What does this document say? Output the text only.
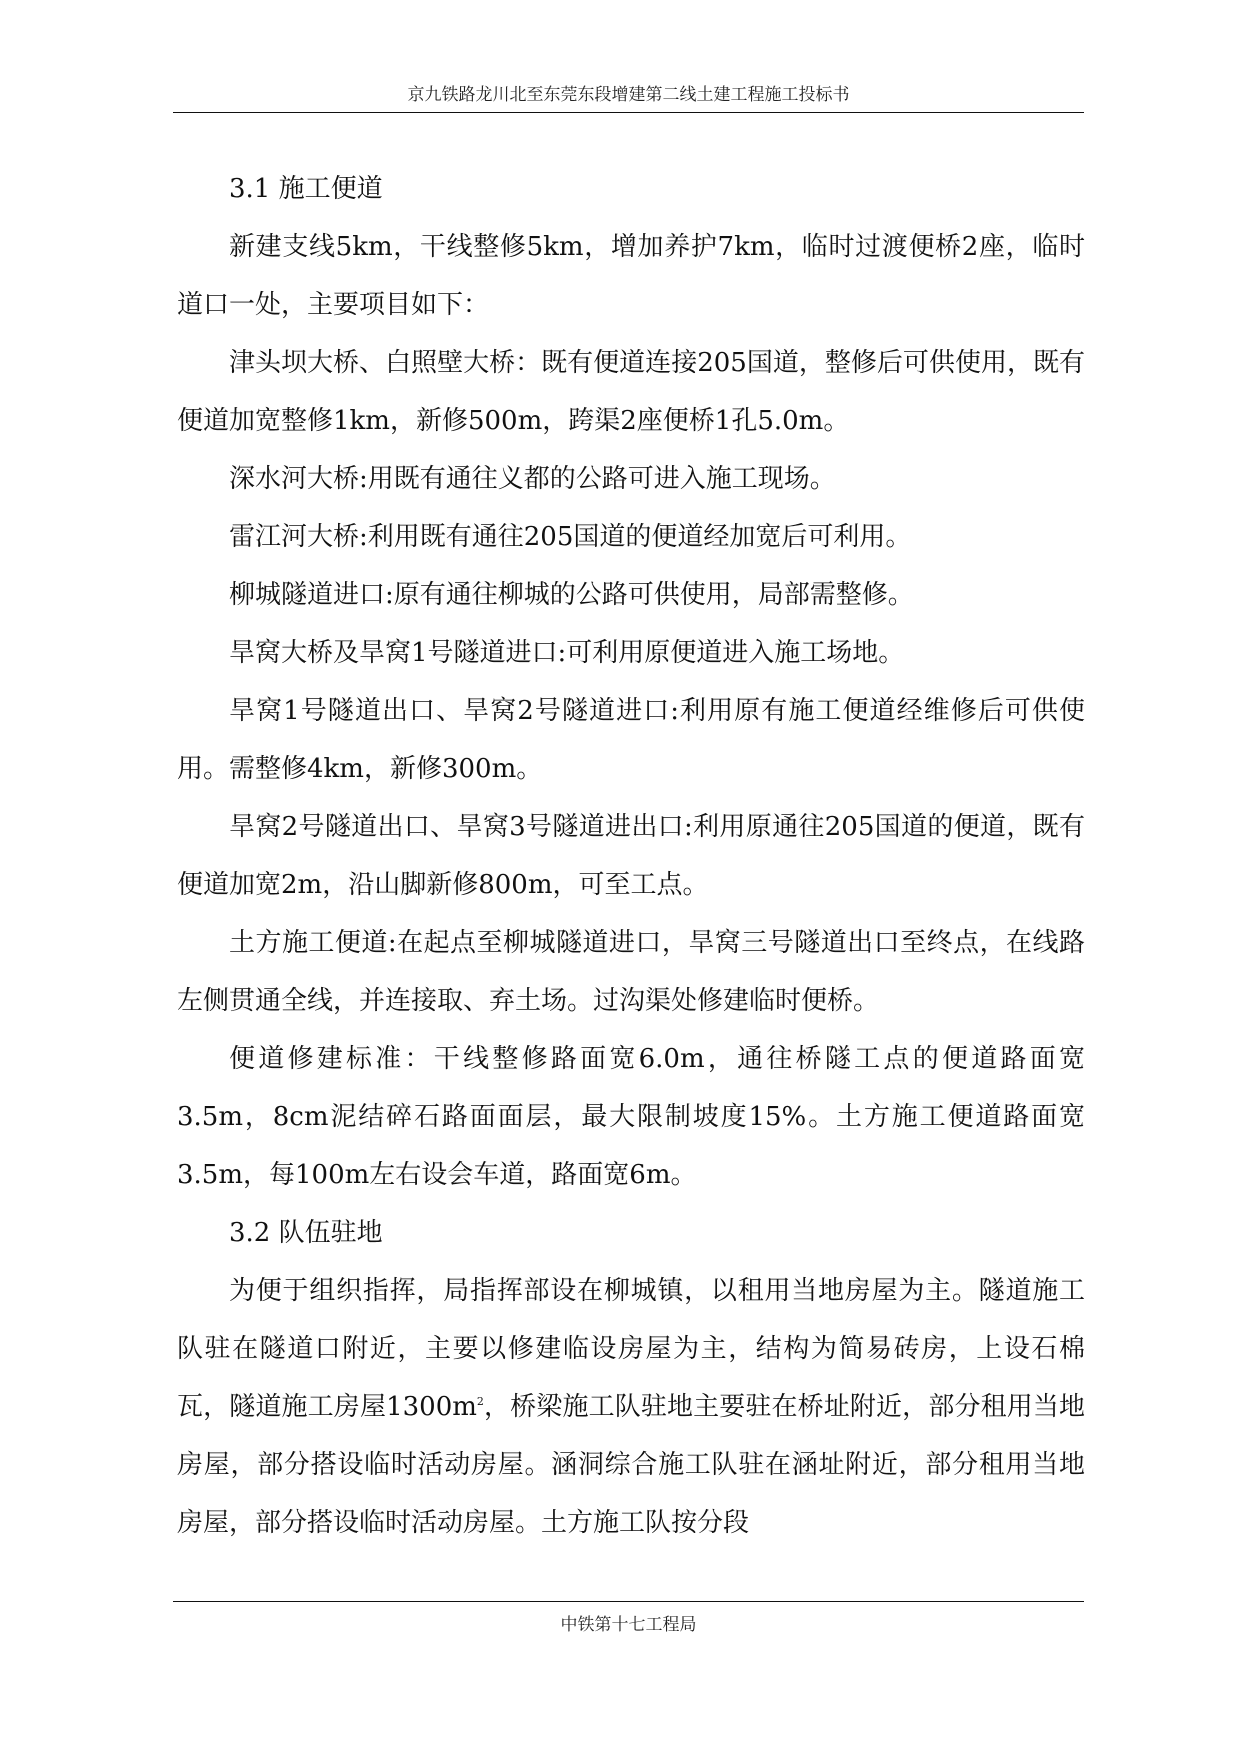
京九铁路龙川北至东莞东段增建第二线土建工程施工投标书

3.1 施工便道

新建支线5km，干线整修5km，增加养护7km，临时过渡便桥2座，临时道口一处，主要项目如下：

津头坝大桥、白照壁大桥：既有便道连接205国道，整修后可供使用，既有便道加宽整修1km，新修500m，跨渠2座便桥1孔5.0m。

深水河大桥:用既有通往义都的公路可进入施工现场。

雷江河大桥:利用既有通往205国道的便道经加宽后可利用。

柳城隧道进口:原有通往柳城的公路可供使用，局部需整修。

旱窝大桥及旱窝1号隧道进口:可利用原便道进入施工场地。

旱窝1号隧道出口、旱窝2号隧道进口:利用原有施工便道经维修后可供使用。需整修4km，新修300m。

旱窝2号隧道出口、旱窝3号隧道进出口:利用原通往205国道的便道，既有便道加宽2m，沿山脚新修800m，可至工点。

土方施工便道:在起点至柳城隧道进口，旱窝三号隧道出口至终点，在线路左侧贯通全线，并连接取、弃土场。过沟渠处修建临时便桥。

便道修建标准：干线整修路面宽6.0m，通往桥隧工点的便道路面宽3.5m，8cm泥结碎石路面面层，最大限制坡度15%。土方施工便道路面宽3.5m，每100m左右设会车道，路面宽6m。

3.2 队伍驻地

为便于组织指挥，局指挥部设在柳城镇，以租用当地房屋为主。隧道施工队驻在隧道口附近，主要以修建临设房屋为主，结构为简易砖房，上设石棉瓦，隧道施工房屋$1300m^2$，桥梁施工队驻地主要驻在桥址附近，部分租用当地房屋，部分搭设临时活动房屋。涵洞综合施工队驻在涵址附近，部分租用当地房屋，部分搭设临时活动房屋。土方施工队按分段

中铁第十七工程局
